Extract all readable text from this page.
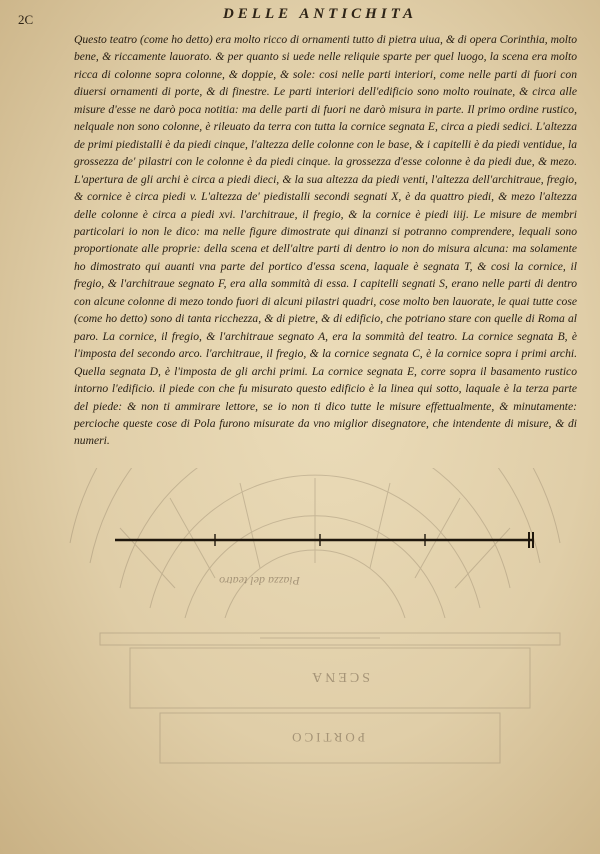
2C	DELLE ANTICHITA
Questo teatro (come ho detto) era molto ricco di ornamenti tutto di pietra uiua, & di opera Corinthia, molto bene, & riccamente lauorato. & per quanto si uede nelle reliquie sparte per quel luogo, la scena era molto ricca di colonne sopra colonne, & doppie, & sole: cosi nelle parti interiori, come nelle parti di fuori con diuersi ornamenti di porte, & di finestre. Le parti interiori dell'edificio sono molto rouinate, & circa alle misure d'esse ne darò poca notitia: ma delle parti di fuori ne darò misura in parte. Il primo ordine rustico, nelquale non sono colonne, è rileuato da terra con tutta la cornice segnata E, circa a piedi sedici. L'altezza de primi piedistalli è da piedi cinque, l'altezza delle colonne con le base, & i capitelli è da piedi ventidue, la grossezza de' pilastri con le colonne è da piedi cinque. la grossezza d'esse colonne è da piedi due, & mezo. L'apertura de gli archi è circa a piedi dieci, & la sua altezza da piedi venti, l'altezza dell'architraue, fregio, & cornice è circa piedi v. L'altezza de' piedistalli secondi segnati X, è da quattro piedi, & mezo l'altezza delle colonne è circa a piedi xvi. l'architraue, il fregio, & la cornice è piedi iiij. Le misure de membri particolari io non le dico: ma nelle figure dimostrate qui dinanzi si potranno comprendere, lequali sono proportionate alle proprie: della scena et dell'altre parti di dentro io non do misura alcuna: ma solamente ho dimostrato qui auanti vna parte del portico d'essa scena, laquale è segnata T, & cosi la cornice, il fregio, & l'architraue segnato F, era alla sommità di essa. I capitelli segnati S, erano nelle parti di dentro con alcune colonne di mezo tondo fuori di alcuni pilastri quadri, cose molto ben lauorate, le quai tutte cose (come ho detto) sono di tanta ricchezza, & di pietre, & di edificio, che potriano stare con quelle di Roma al paro. La cornice, il fregio, & l'architraue segnato A, era la sommità del teatro. La cornice segnata B, è l'imposta del secondo arco. l'architraue, il fregio, & la cornice segnata C, è la cornice sopra i primi archi. Quella segnata D, è l'imposta de gli archi primi. La cornice segnata E, corre sopra il basamento rustico intorno l'edificio. il piede con che fu misurato questo edificio è la linea qui sotto, laquale è la terza parte del piede: & non ti ammirare lettore, se io non ti dico tutte le misure effettualmente, & minutamente: percioche queste cose di Pola furono misurate da vno miglior disegnatore, che intendente di misure, & di numeri.
Piazza del teatro
SCENA
PORTICO
